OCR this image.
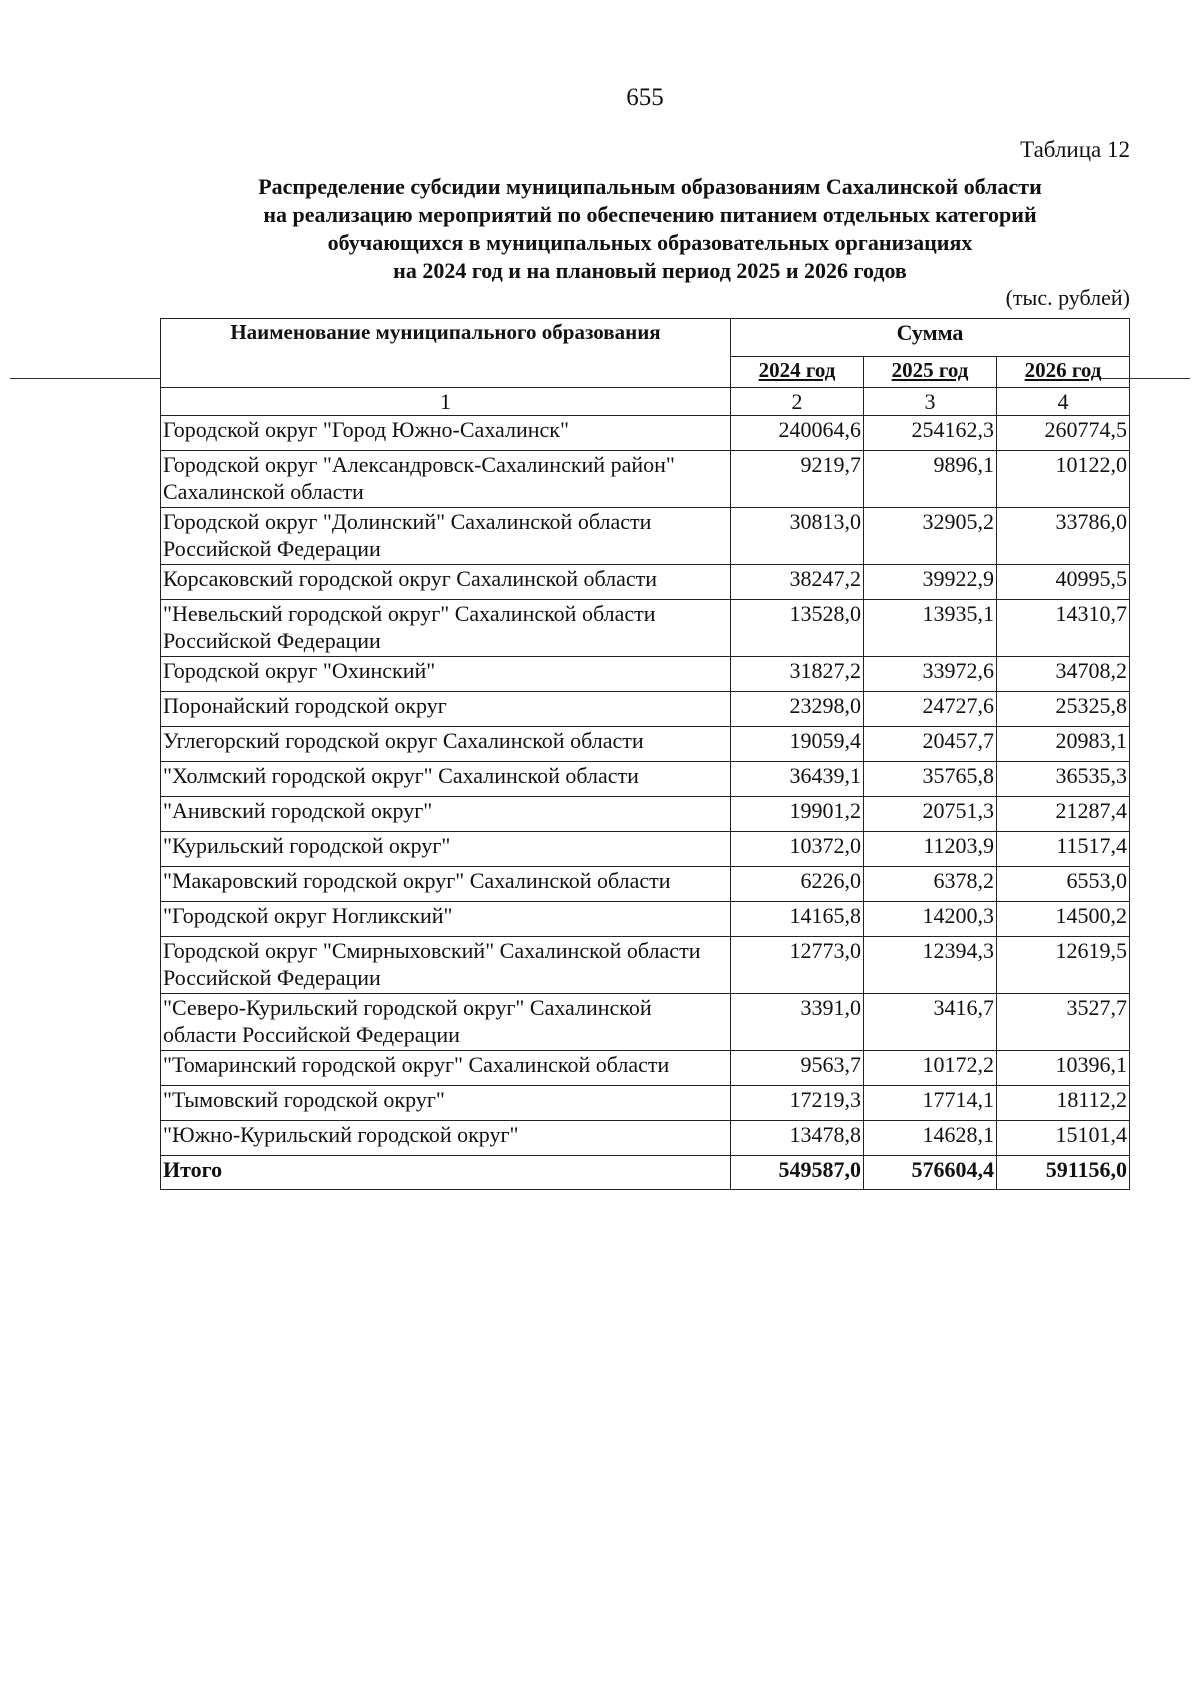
655
Таблица 12
Распределение субсидии муниципальным образованиям Сахалинской области
на реализацию мероприятий по обеспечению питанием отдельных категорий
обучающихся в муниципальных образовательных организациях
на 2024 год и на плановый период 2025 и 2026 годов
(тыс. рублей)
Наименование муниципального образования	Сумма		
	2024 год	2025 год	2026 год
1	2	3	4
Городской округ "Город Южно-Сахалинск"	240064,6	254162,3	260774,5
Городской округ "Александровск-Сахалинский район" Сахалинской области	9219,7	9896,1	10122,0
Городской округ "Долинский" Сахалинской области Российской Федерации	30813,0	32905,2	33786,0
Корсаковский городской округ Сахалинской области	38247,2	39922,9	40995,5
"Невельский городской округ" Сахалинской области Российской Федерации	13528,0	13935,1	14310,7
Городской округ "Охинский"	31827,2	33972,6	34708,2
Поронайский городской округ	23298,0	24727,6	25325,8
Углегорский городской округ Сахалинской области	19059,4	20457,7	20983,1
"Холмский городской округ" Сахалинской области	36439,1	35765,8	36535,3
"Анивский городской округ"	19901,2	20751,3	21287,4
"Курильский городской округ"	10372,0	11203,9	11517,4
"Макаровский городской округ" Сахалинской области	6226,0	6378,2	6553,0
"Городской округ Ногликский"	14165,8	14200,3	14500,2
Городской округ "Смирныховский" Сахалинской области Российской Федерации	12773,0	12394,3	12619,5
"Северо-Курильский городской округ" Сахалинской области Российской Федерации	3391,0	3416,7	3527,7
"Томаринский городской округ" Сахалинской области	9563,7	10172,2	10396,1
"Тымовский городской округ"	17219,3	17714,1	18112,2
"Южно-Курильский городской округ"	13478,8	14628,1	15101,4
Итого	549587,0	576604,4	591156,0
